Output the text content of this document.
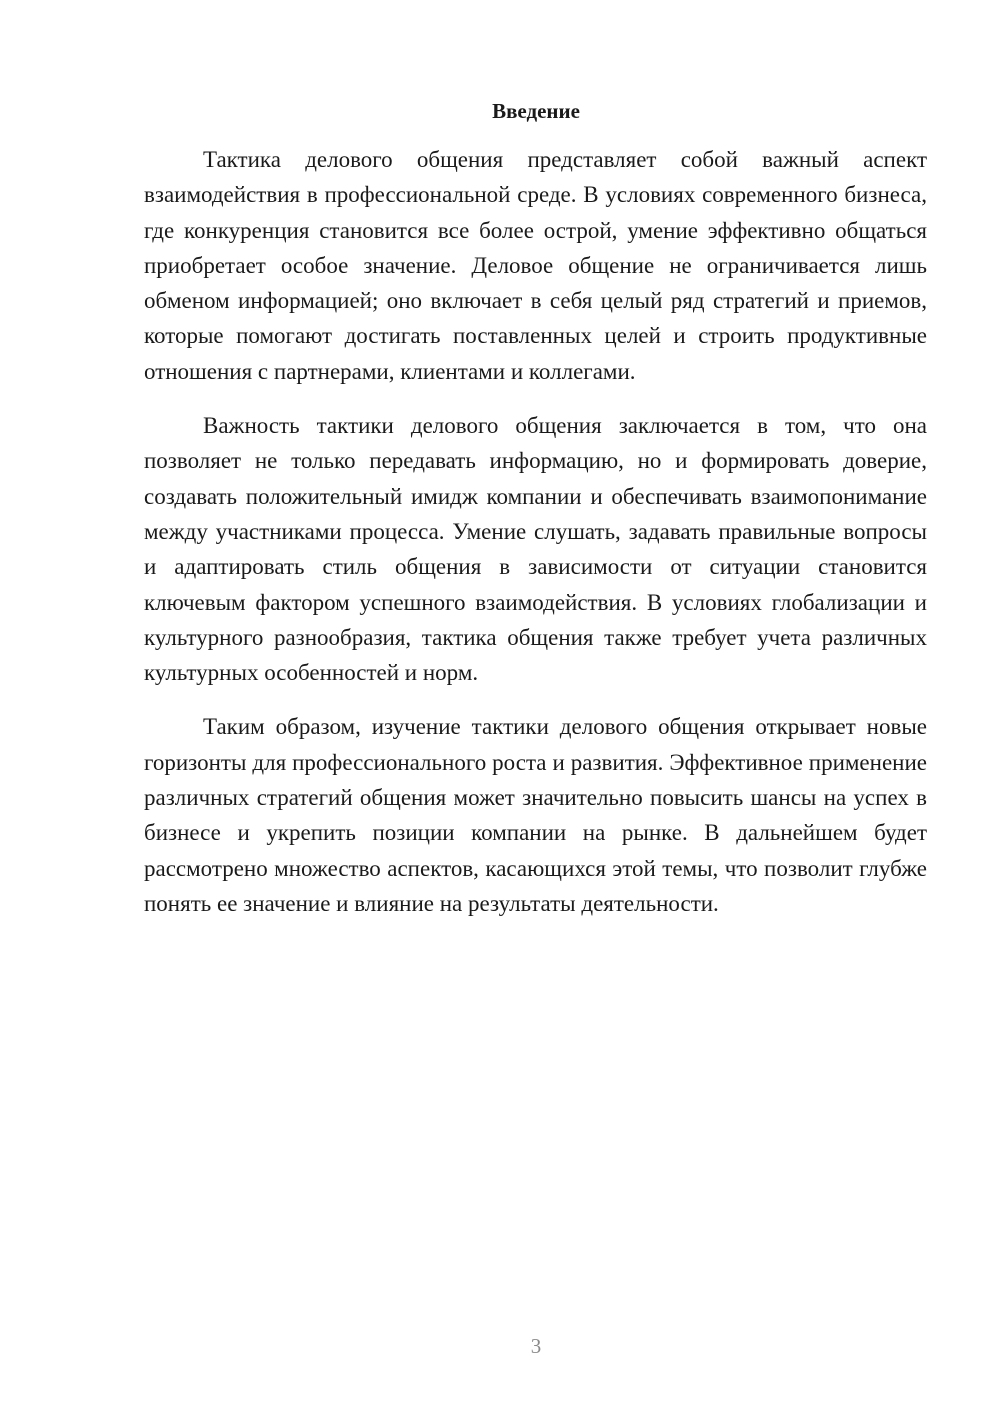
Введение

Тактика делового общения представляет собой важный аспект взаимодействия в профессиональной среде. В условиях современного бизнеса, где конкуренция становится все более острой, умение эффективно общаться приобретает особое значение. Деловое общение не ограничивается лишь обменом информацией; оно включает в себя целый ряд стратегий и приемов, которые помогают достигать поставленных целей и строить продуктивные отношения с партнерами, клиентами и коллегами.

Важность тактики делового общения заключается в том, что она позволяет не только передавать информацию, но и формировать доверие, создавать положительный имидж компании и обеспечивать взаимопонимание между участниками процесса. Умение слушать, задавать правильные вопросы и адаптировать стиль общения в зависимости от ситуации становится ключевым фактором успешного взаимодействия. В условиях глобализации и культурного разнообразия, тактика общения также требует учета различных культурных особенностей и норм.

Таким образом, изучение тактики делового общения открывает новые горизонты для профессионального роста и развития. Эффективное применение различных стратегий общения может значительно повысить шансы на успех в бизнесе и укрепить позиции компании на рынке. В дальнейшем будет рассмотрено множество аспектов, касающихся этой темы, что позволит глубже понять ее значение и влияние на результаты деятельности.

3
